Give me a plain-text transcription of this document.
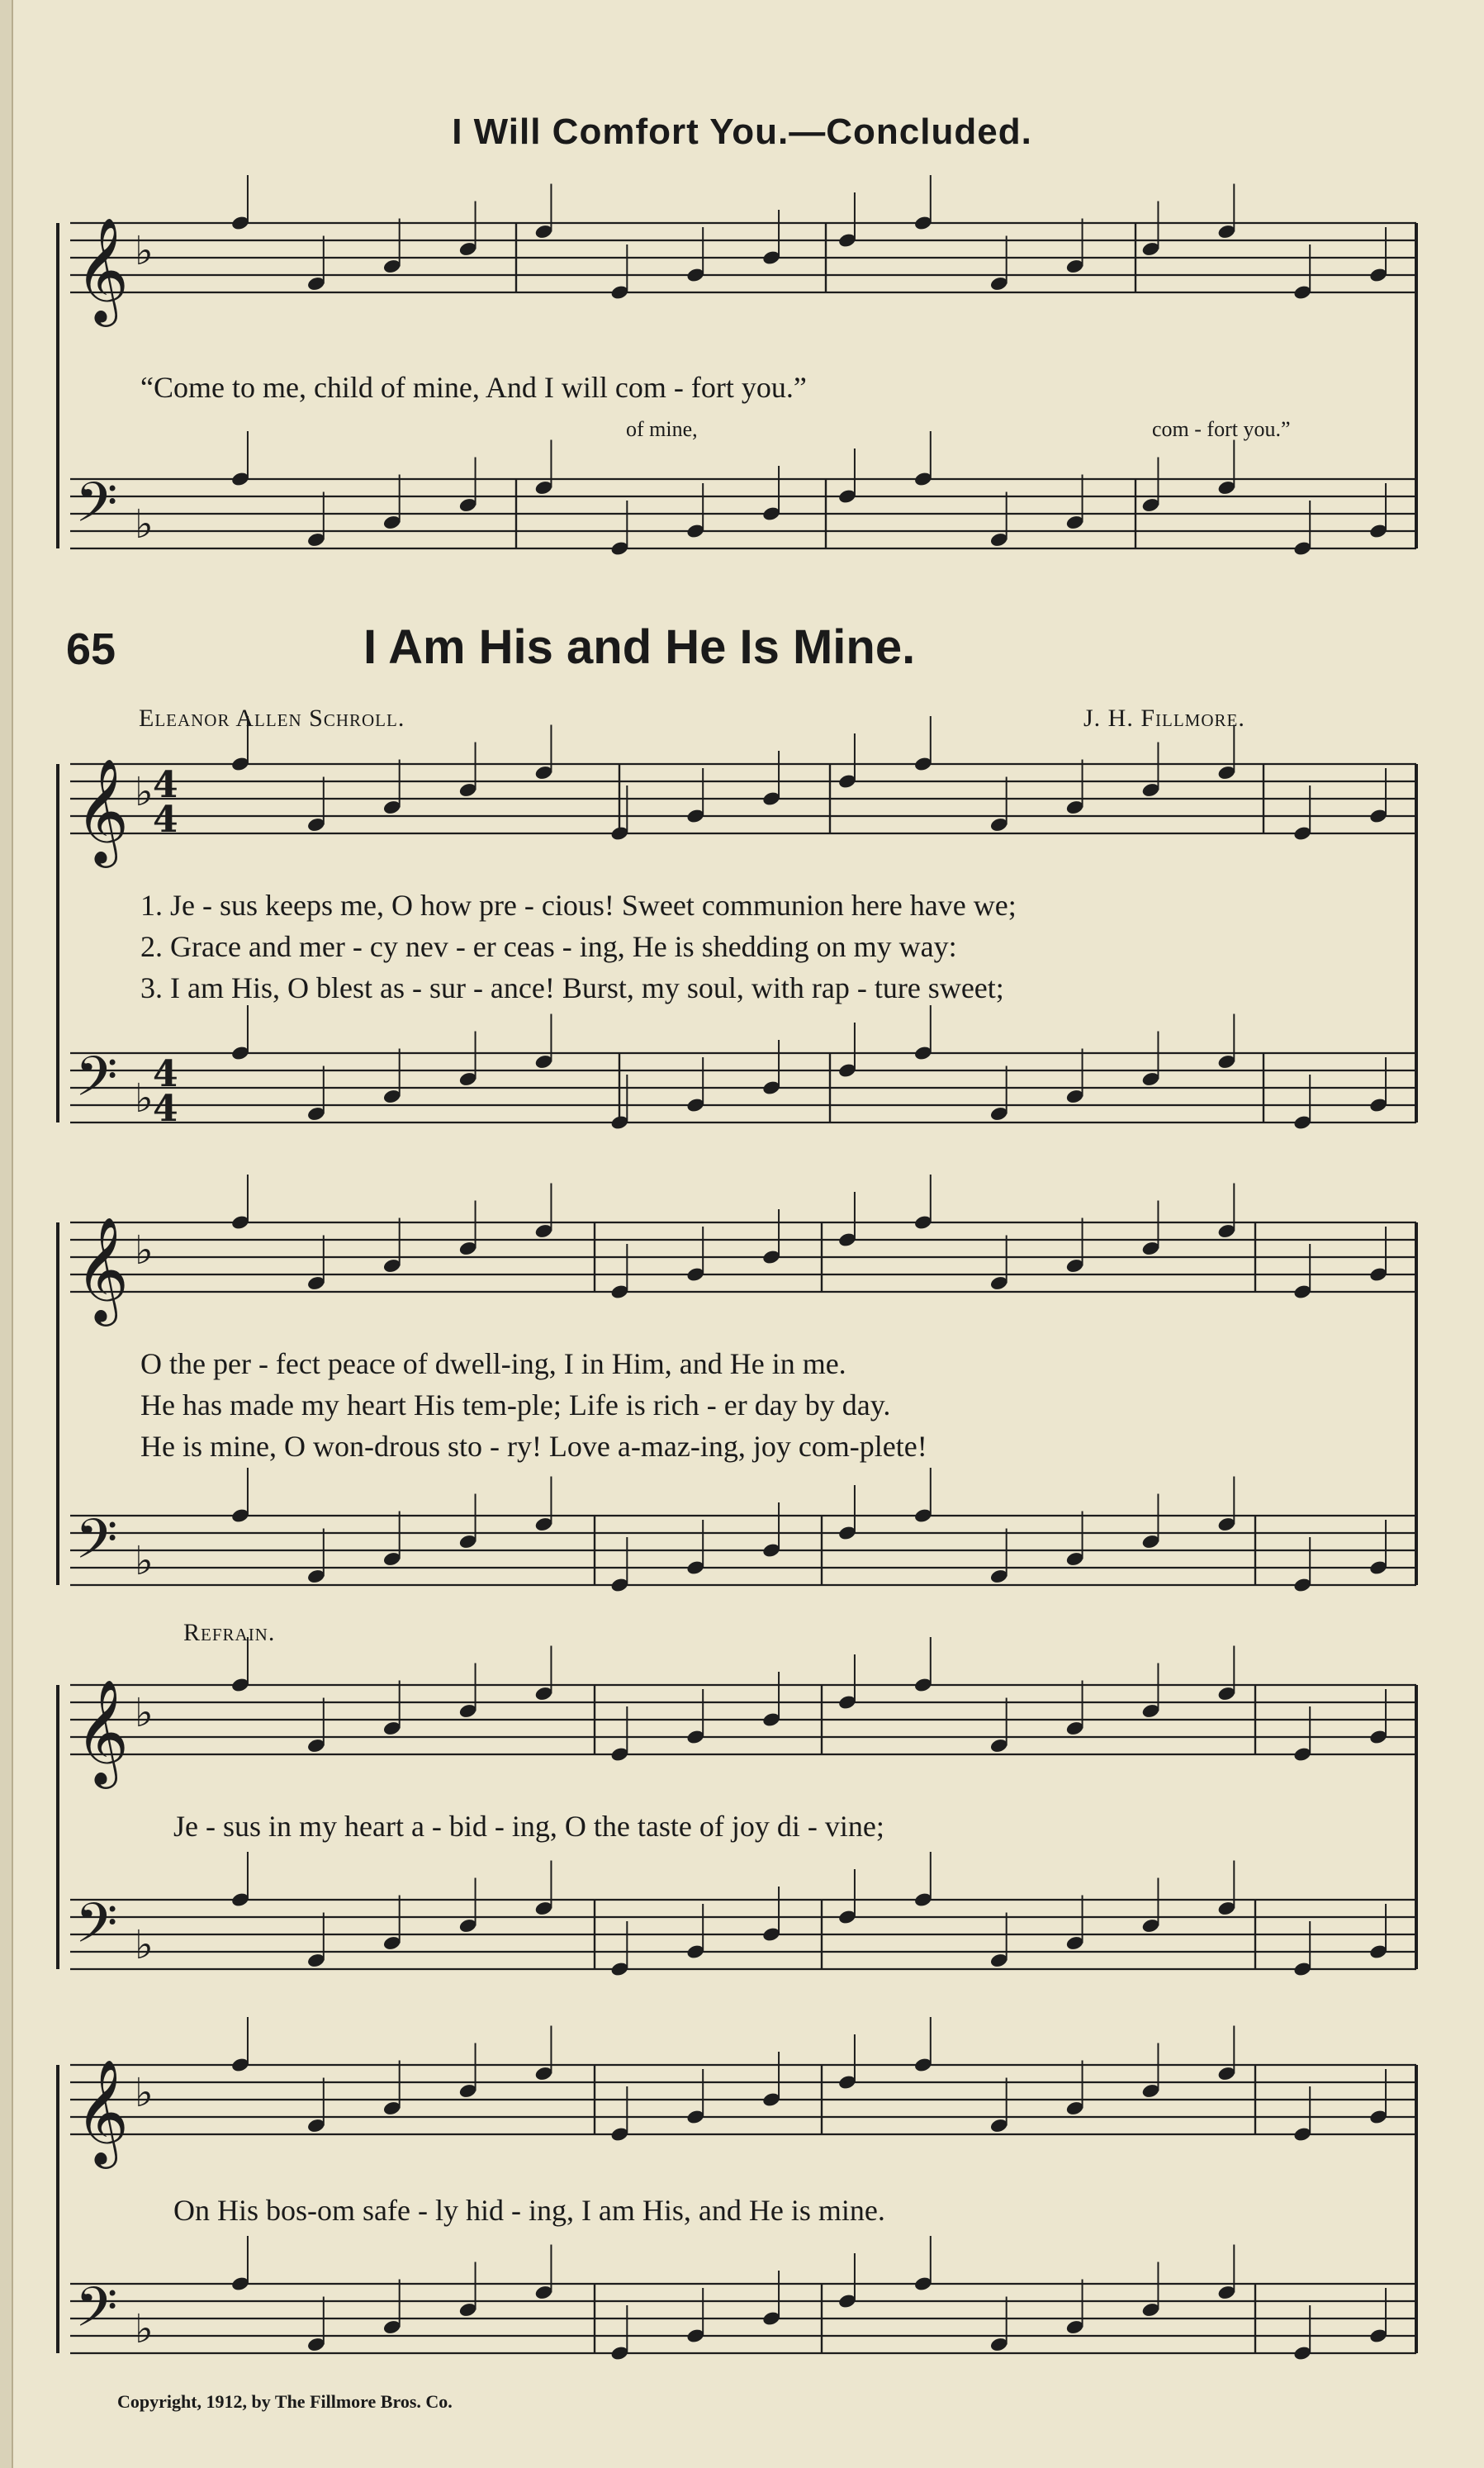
I Will Comfort You.—Concluded.
𝄞 ♭
𝄢 ♭
𝄞 ♭
𝄢 ♭
𝄞 ♭
𝄢 ♭
𝄞 ♭
𝄢 ♭
𝄞 ♭
𝄢 ♭
4
4
4
4
“Come to me, child of mine, And I will com - fort you.”
of mine,	com - fort you.”
65	I Am His and He Is Mine.
Eleanor Allen Schroll.	J. H. Fillmore.
1. Je - sus keeps me, O how pre - cious! Sweet communion here have we;
2. Grace and mer - cy nev - er ceas - ing, He is shedding on my way:
3. I am His, O blest as - sur - ance! Burst, my soul, with rap - ture sweet;
O the per - fect peace of dwell-ing, I in Him, and He in me.
He has made my heart His tem-ple; Life is rich - er day by day.
He is mine, O won-drous sto - ry! Love a-maz-ing, joy com-plete!
Refrain.
Je - sus in my heart a - bid - ing, O the taste of joy di - vine;
On His bos-om safe - ly hid - ing, I am His, and He is mine.
Copyright, 1912, by The Fillmore Bros. Co.
